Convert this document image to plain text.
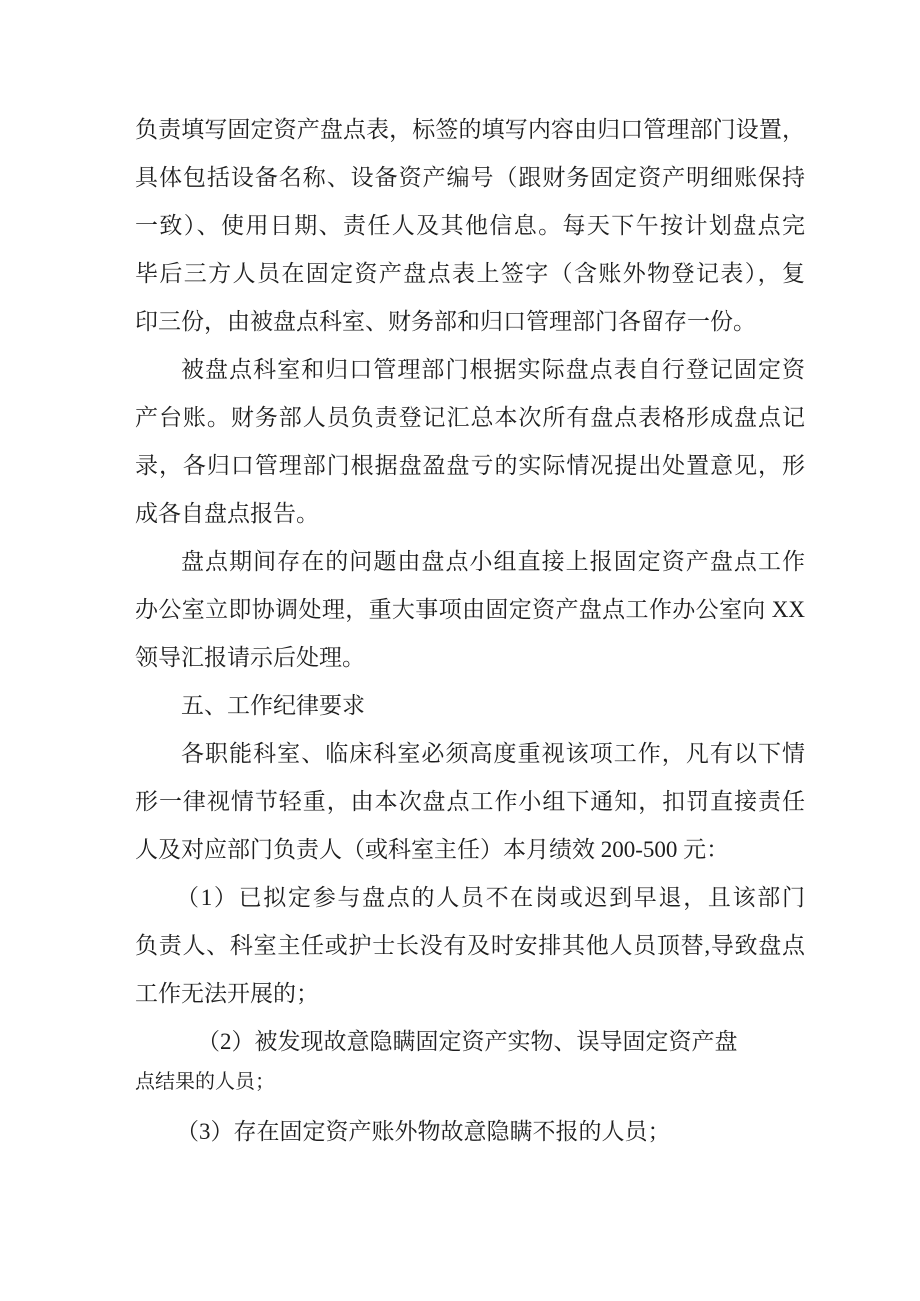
负责填写固定资产盘点表，标签的填写内容由归口管理部门设置，
具体包括设备名称、设备资产编号（跟财务固定资产明细账保持
一致）、使用日期、责任人及其他信息。每天下午按计划盘点完
毕后三方人员在固定资产盘点表上签字（含账外物登记表），复
印三份，由被盘点科室、财务部和归口管理部门各留存一份。

被盘点科室和归口管理部门根据实际盘点表自行登记固定资
产台账。财务部人员负责登记汇总本次所有盘点表格形成盘点记
录，各归口管理部门根据盘盈盘亏的实际情况提出处置意见，形
成各自盘点报告。

盘点期间存在的问题由盘点小组直接上报固定资产盘点工作
办公室立即协调处理，重大事项由固定资产盘点工作办公室向 XX
领导汇报请示后处理。

五、工作纪律要求

各职能科室、临床科室必须高度重视该项工作，凡有以下情
形一律视情节轻重，由本次盘点工作小组下通知，扣罚直接责任
人及对应部门负责人（或科室主任）本月绩效 200-500 元：

（1）已拟定参与盘点的人员不在岗或迟到早退，且该部门
负责人、科室主任或护士长没有及时安排其他人员顶替,导致盘点
工作无法开展的；

（2）被发现故意隐瞒固定资产实物、误导固定资产盘
点结果的人员；

（3）存在固定资产账外物故意隐瞒不报的人员；
